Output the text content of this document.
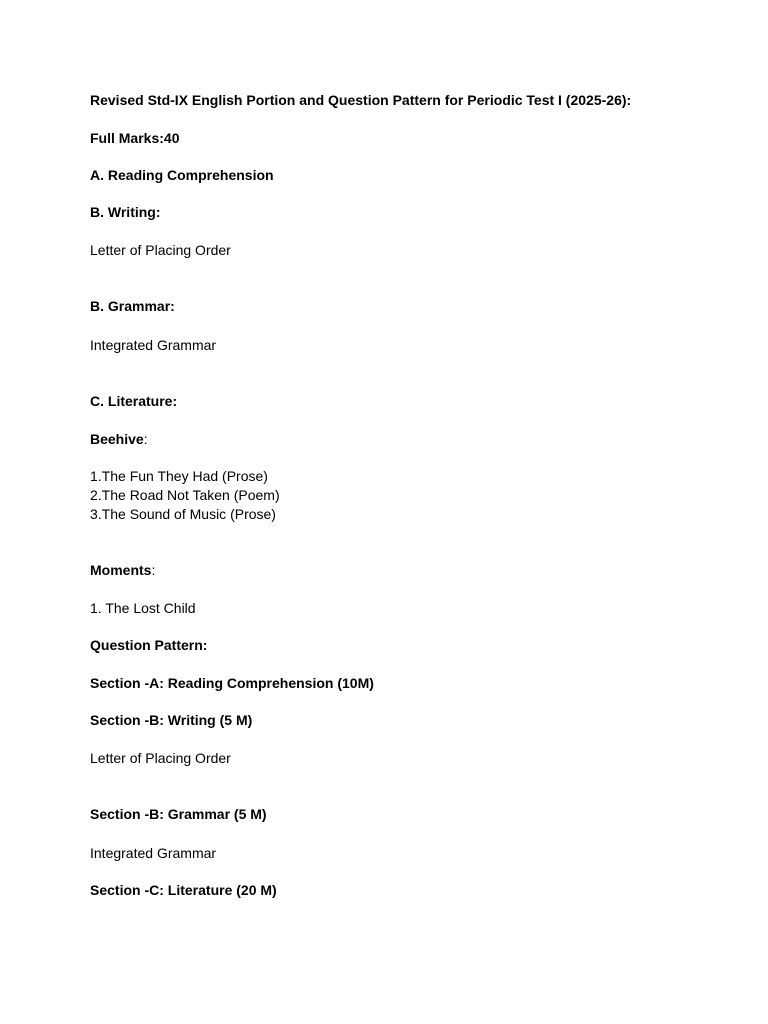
Revised Std-IX English Portion and Question Pattern for Periodic Test I (2025-26):
Full Marks:40
A. Reading Comprehension
B. Writing:
Letter of Placing Order
B. Grammar:
Integrated Grammar
C. Literature:
Beehive:
1.The Fun They Had (Prose)
2.The Road Not Taken (Poem)
3.The Sound of Music (Prose)
Moments:
1. The Lost Child
Question Pattern:
Section -A: Reading Comprehension (10M)
Section -B: Writing (5 M)
Letter of Placing Order
Section -B: Grammar (5 M)
Integrated Grammar
Section -C: Literature (20 M)
